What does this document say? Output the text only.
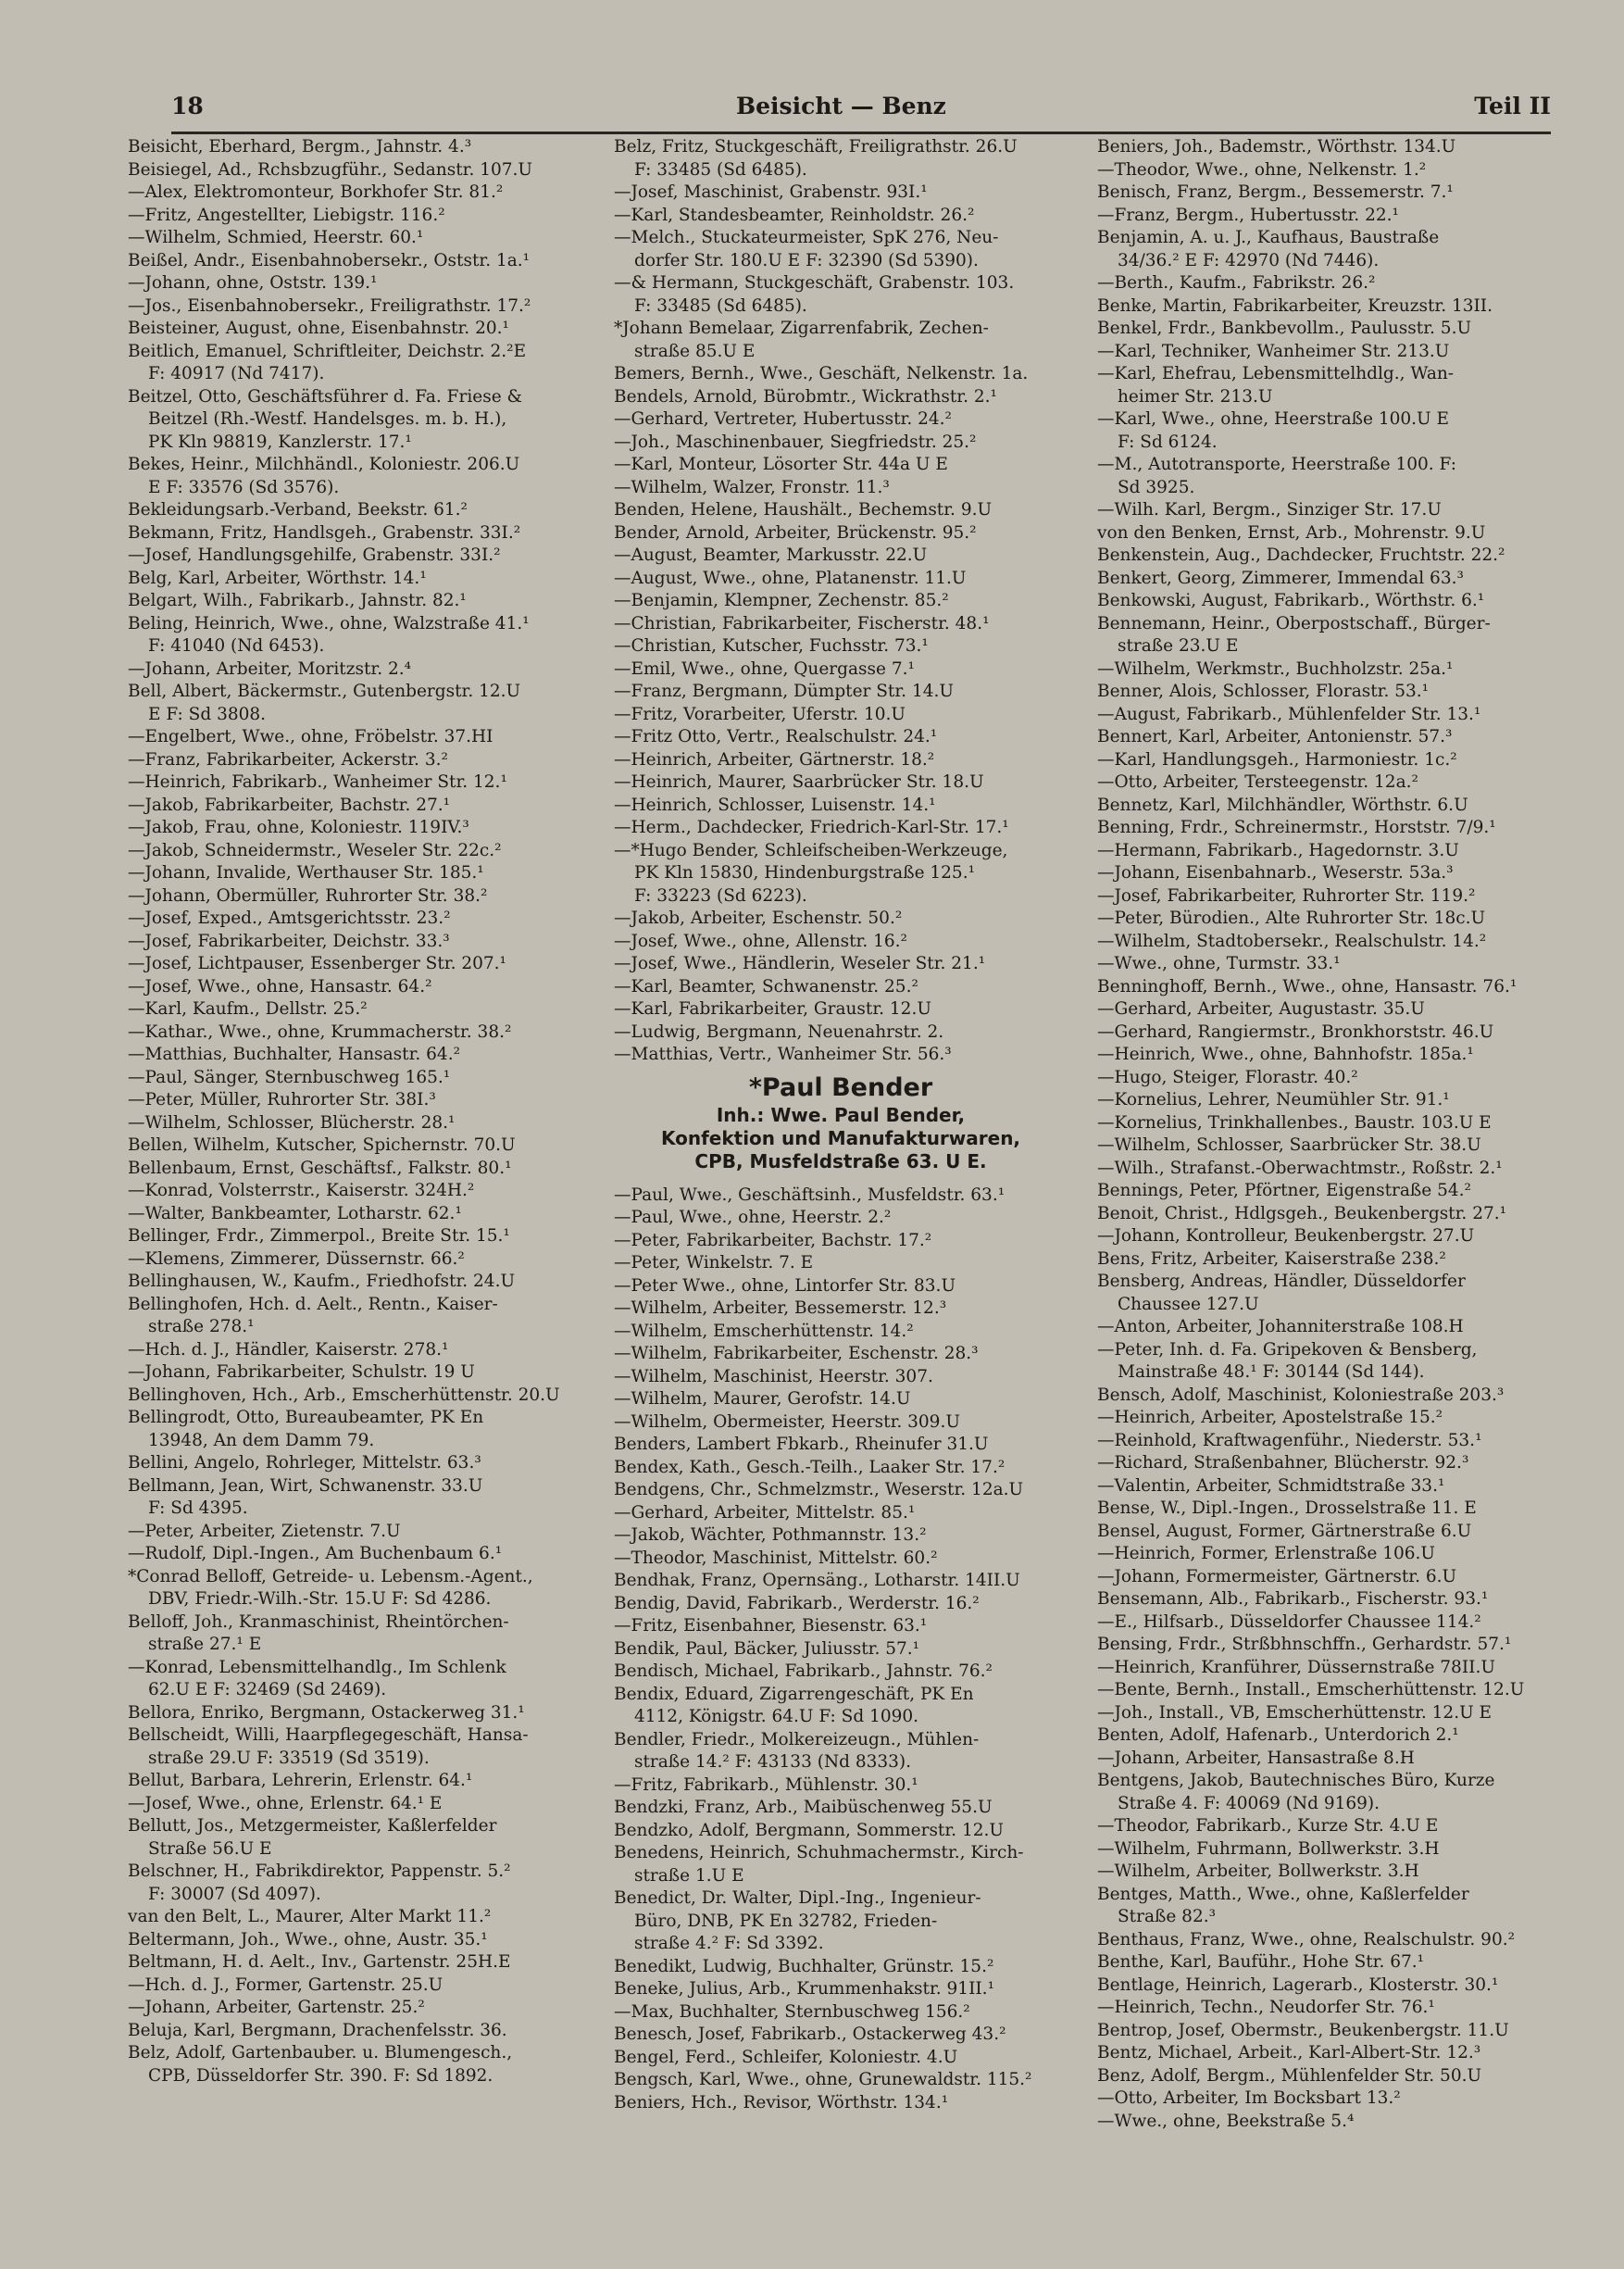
18	Beisicht — Benz	Teil II

Beisicht, Eberhard, Bergm., Jahnstr. 4.³

Beisiegel, Ad., Rchsbzugführ., Sedanstr. 107.U

—Alex, Elektromonteur, Borkhofer Str. 81.²

—Fritz, Angestellter, Liebigstr. 116.²

—Wilhelm, Schmied, Heerstr. 60.¹

Beißel, Andr., Eisenbahnobersekr., Oststr. 1a.¹

—Johann, ohne, Oststr. 139.¹

—Jos., Eisenbahnobersekr., Freiligrathstr. 17.²

Beisteiner, August, ohne, Eisenbahnstr. 20.¹

Beitlich, Emanuel, Schriftleiter, Deichstr. 2.²E

F: 40917 (Nd 7417).

Beitzel, Otto, Geschäftsführer d. Fa. Friese &

Beitzel (Rh.-Westf. Handelsges. m. b. H.),

PK Kln 98819, Kanzlerstr. 17.¹

Bekes, Heinr., Milchhändl., Koloniestr. 206.U

E F: 33576 (Sd 3576).

Bekleidungsarb.-Verband, Beekstr. 61.²

Bekmann, Fritz, Handlsgeh., Grabenstr. 33I.²

—Josef, Handlungsgehilfe, Grabenstr. 33I.²

Belg, Karl, Arbeiter, Wörthstr. 14.¹

Belgart, Wilh., Fabrikarb., Jahnstr. 82.¹

Beling, Heinrich, Wwe., ohne, Walzstraße 41.¹

F: 41040 (Nd 6453).

—Johann, Arbeiter, Moritzstr. 2.⁴

Bell, Albert, Bäckermstr., Gutenbergstr. 12.U

E F: Sd 3808.

—Engelbert, Wwe., ohne, Fröbelstr. 37.HI

—Franz, Fabrikarbeiter, Ackerstr. 3.²

—Heinrich, Fabrikarb., Wanheimer Str. 12.¹

—Jakob, Fabrikarbeiter, Bachstr. 27.¹

—Jakob, Frau, ohne, Koloniestr. 119IV.³

—Jakob, Schneidermstr., Weseler Str. 22c.²

—Johann, Invalide, Werthauser Str. 185.¹

—Johann, Obermüller, Ruhrorter Str. 38.²

—Josef, Exped., Amtsgerichtsstr. 23.²

—Josef, Fabrikarbeiter, Deichstr. 33.³

—Josef, Lichtpauser, Essenberger Str. 207.¹

—Josef, Wwe., ohne, Hansastr. 64.²

—Karl, Kaufm., Dellstr. 25.²

—Kathar., Wwe., ohne, Krummacherstr. 38.²

—Matthias, Buchhalter, Hansastr. 64.²

—Paul, Sänger, Sternbuschweg 165.¹

—Peter, Müller, Ruhrorter Str. 38I.³

—Wilhelm, Schlosser, Blücherstr. 28.¹

Bellen, Wilhelm, Kutscher, Spichernstr. 70.U

Bellenbaum, Ernst, Geschäftsf., Falkstr. 80.¹

—Konrad, Volsterrstr., Kaiserstr. 324H.²

—Walter, Bankbeamter, Lotharstr. 62.¹

Bellinger, Frdr., Zimmerpol., Breite Str. 15.¹

—Klemens, Zimmerer, Düssernstr. 66.²

Bellinghausen, W., Kaufm., Friedhofstr. 24.U

Bellinghofen, Hch. d. Aelt., Rentn., Kaiser-

straße 278.¹

—Hch. d. J., Händler, Kaiserstr. 278.¹

—Johann, Fabrikarbeiter, Schulstr. 19 U

Bellinghoven, Hch., Arb., Emscherhüttenstr. 20.U

Bellingrodt, Otto, Bureaubeamter, PK En

13948, An dem Damm 79.

Bellini, Angelo, Rohrleger, Mittelstr. 63.³

Bellmann, Jean, Wirt, Schwanenstr. 33.U

F: Sd 4395.

—Peter, Arbeiter, Zietenstr. 7.U

—Rudolf, Dipl.-Ingen., Am Buchenbaum 6.¹

*Conrad Belloff, Getreide- u. Lebensm.-Agent.,

DBV, Friedr.-Wilh.-Str. 15.U F: Sd 4286.

Belloff, Joh., Kranmaschinist, Rheintörchen-

straße 27.¹ E

—Konrad, Lebensmittelhandlg., Im Schlenk

62.U E F: 32469 (Sd 2469).

Bellora, Enriko, Bergmann, Ostackerweg 31.¹

Bellscheidt, Willi, Haarpflegegeschäft, Hansa-

straße 29.U F: 33519 (Sd 3519).

Bellut, Barbara, Lehrerin, Erlenstr. 64.¹

—Josef, Wwe., ohne, Erlenstr. 64.¹ E

Bellutt, Jos., Metzgermeister, Kaßlerfelder

Straße 56.U E

Belschner, H., Fabrikdirektor, Pappenstr. 5.²

F: 30007 (Sd 4097).

van den Belt, L., Maurer, Alter Markt 11.²

Beltermann, Joh., Wwe., ohne, Austr. 35.¹

Beltmann, H. d. Aelt., Inv., Gartenstr. 25H.E

—Hch. d. J., Former, Gartenstr. 25.U

—Johann, Arbeiter, Gartenstr. 25.²

Beluja, Karl, Bergmann, Drachenfelsstr. 36.

Belz, Adolf, Gartenbauber. u. Blumengesch.,

CPB, Düsseldorfer Str. 390. F: Sd 1892.

Belz, Fritz, Stuckgeschäft, Freiligrathstr. 26.U

F: 33485 (Sd 6485).

—Josef, Maschinist, Grabenstr. 93I.¹

—Karl, Standesbeamter, Reinholdstr. 26.²

—Melch., Stuckateurmeister, SpK 276, Neu-

dorfer Str. 180.U E F: 32390 (Sd 5390).

—& Hermann, Stuckgeschäft, Grabenstr. 103.

F: 33485 (Sd 6485).

*Johann Bemelaar, Zigarrenfabrik, Zechen-

straße 85.U E

Bemers, Bernh., Wwe., Geschäft, Nelkenstr. 1a.

Bendels, Arnold, Bürobmtr., Wickrathstr. 2.¹

—Gerhard, Vertreter, Hubertusstr. 24.²

—Joh., Maschinenbauer, Siegfriedstr. 25.²

—Karl, Monteur, Lösorter Str. 44a U E

—Wilhelm, Walzer, Fronstr. 11.³

Benden, Helene, Haushält., Bechemstr. 9.U

Bender, Arnold, Arbeiter, Brückenstr. 95.²

—August, Beamter, Markusstr. 22.U

—August, Wwe., ohne, Platanenstr. 11.U

—Benjamin, Klempner, Zechenstr. 85.²

—Christian, Fabrikarbeiter, Fischerstr. 48.¹

—Christian, Kutscher, Fuchsstr. 73.¹

—Emil, Wwe., ohne, Quergasse 7.¹

—Franz, Bergmann, Dümpter Str. 14.U

—Fritz, Vorarbeiter, Uferstr. 10.U

—Fritz Otto, Vertr., Realschulstr. 24.¹

—Heinrich, Arbeiter, Gärtnerstr. 18.²

—Heinrich, Maurer, Saarbrücker Str. 18.U

—Heinrich, Schlosser, Luisenstr. 14.¹

—Herm., Dachdecker, Friedrich-Karl-Str. 17.¹

—*Hugo Bender, Schleifscheiben-Werkzeuge,

PK Kln 15830, Hindenburgstraße 125.¹

F: 33223 (Sd 6223).

—Jakob, Arbeiter, Eschenstr. 50.²

—Josef, Wwe., ohne, Allenstr. 16.²

—Josef, Wwe., Händlerin, Weseler Str. 21.¹

—Karl, Beamter, Schwanenstr. 25.²

—Karl, Fabrikarbeiter, Graustr. 12.U

—Ludwig, Bergmann, Neuenahrstr. 2.

—Matthias, Vertr., Wanheimer Str. 56.³

*Paul Bender
Inh.: Wwe. Paul Bender,
Konfektion und Manufakturwaren,
CPB, Musfeldstraße 63. U E.

—Paul, Wwe., Geschäftsinh., Musfeldstr. 63.¹

—Paul, Wwe., ohne, Heerstr. 2.²

—Peter, Fabrikarbeiter, Bachstr. 17.²

—Peter, Winkelstr. 7. E

—Peter Wwe., ohne, Lintorfer Str. 83.U

—Wilhelm, Arbeiter, Bessemerstr. 12.³

—Wilhelm, Emscherhüttenstr. 14.²

—Wilhelm, Fabrikarbeiter, Eschenstr. 28.³

—Wilhelm, Maschinist, Heerstr. 307.

—Wilhelm, Maurer, Gerofstr. 14.U

—Wilhelm, Obermeister, Heerstr. 309.U

Benders, Lambert Fbkarb., Rheinufer 31.U

Bendex, Kath., Gesch.-Teilh., Laaker Str. 17.²

Bendgens, Chr., Schmelzmstr., Weserstr. 12a.U

—Gerhard, Arbeiter, Mittelstr. 85.¹

—Jakob, Wächter, Pothmannstr. 13.²

—Theodor, Maschinist, Mittelstr. 60.²

Bendhak, Franz, Opernsäng., Lotharstr. 14II.U

Bendig, David, Fabrikarb., Werderstr. 16.²

—Fritz, Eisenbahner, Biesenstr. 63.¹

Bendik, Paul, Bäcker, Juliusstr. 57.¹

Bendisch, Michael, Fabrikarb., Jahnstr. 76.²

Bendix, Eduard, Zigarrengeschäft, PK En

4112, Königstr. 64.U F: Sd 1090.

Bendler, Friedr., Molkereizeugn., Mühlen-

straße 14.² F: 43133 (Nd 8333).

—Fritz, Fabrikarb., Mühlenstr. 30.¹

Bendzki, Franz, Arb., Maibüschenweg 55.U

Bendzko, Adolf, Bergmann, Sommerstr. 12.U

Benedens, Heinrich, Schuhmachermstr., Kirch-

straße 1.U E

Benedict, Dr. Walter, Dipl.-Ing., Ingenieur-

Büro, DNB, PK En 32782, Frieden-

straße 4.² F: Sd 3392.

Benedikt, Ludwig, Buchhalter, Grünstr. 15.²

Beneke, Julius, Arb., Krummenhakstr. 91II.¹

—Max, Buchhalter, Sternbuschweg 156.²

Benesch, Josef, Fabrikarb., Ostackerweg 43.²

Bengel, Ferd., Schleifer, Koloniestr. 4.U

Bengsch, Karl, Wwe., ohne, Grunewaldstr. 115.²

Beniers, Hch., Revisor, Wörthstr. 134.¹

Beniers, Joh., Bademstr., Wörthstr. 134.U

—Theodor, Wwe., ohne, Nelkenstr. 1.²

Benisch, Franz, Bergm., Bessemerstr. 7.¹

—Franz, Bergm., Hubertusstr. 22.¹

Benjamin, A. u. J., Kaufhaus, Baustraße

34/36.² E F: 42970 (Nd 7446).

—Berth., Kaufm., Fabrikstr. 26.²

Benke, Martin, Fabrikarbeiter, Kreuzstr. 13II.

Benkel, Frdr., Bankbevollm., Paulusstr. 5.U

—Karl, Techniker, Wanheimer Str. 213.U

—Karl, Ehefrau, Lebensmittelhdlg., Wan-

heimer Str. 213.U

—Karl, Wwe., ohne, Heerstraße 100.U E

F: Sd 6124.

—M., Autotransporte, Heerstraße 100. F:

Sd 3925.

—Wilh. Karl, Bergm., Sinziger Str. 17.U

von den Benken, Ernst, Arb., Mohrenstr. 9.U

Benkenstein, Aug., Dachdecker, Fruchtstr. 22.²

Benkert, Georg, Zimmerer, Immendal 63.³

Benkowski, August, Fabrikarb., Wörthstr. 6.¹

Bennemann, Heinr., Oberpostschaff., Bürger-

straße 23.U E

—Wilhelm, Werkmstr., Buchholzstr. 25a.¹

Benner, Alois, Schlosser, Florastr. 53.¹

—August, Fabrikarb., Mühlenfelder Str. 13.¹

Bennert, Karl, Arbeiter, Antonienstr. 57.³

—Karl, Handlungsgeh., Harmoniestr. 1c.²

—Otto, Arbeiter, Tersteegenstr. 12a.²

Bennetz, Karl, Milchhändler, Wörthstr. 6.U

Benning, Frdr., Schreinermstr., Horststr. 7/9.¹

—Hermann, Fabrikarb., Hagedornstr. 3.U

—Johann, Eisenbahnarb., Weserstr. 53a.³

—Josef, Fabrikarbeiter, Ruhrorter Str. 119.²

—Peter, Bürodien., Alte Ruhrorter Str. 18c.U

—Wilhelm, Stadtobersekr., Realschulstr. 14.²

—Wwe., ohne, Turmstr. 33.¹

Benninghoff, Bernh., Wwe., ohne, Hansastr. 76.¹

—Gerhard, Arbeiter, Augustastr. 35.U

—Gerhard, Rangiermstr., Bronkhorststr. 46.U

—Heinrich, Wwe., ohne, Bahnhofstr. 185a.¹

—Hugo, Steiger, Florastr. 40.²

—Kornelius, Lehrer, Neumühler Str. 91.¹

—Kornelius, Trinkhallenbes., Baustr. 103.U E

—Wilhelm, Schlosser, Saarbrücker Str. 38.U

—Wilh., Strafanst.-Oberwachtmstr., Roßstr. 2.¹

Bennings, Peter, Pförtner, Eigenstraße 54.²

Benoit, Christ., Hdlgsgeh., Beukenbergstr. 27.¹

—Johann, Kontrolleur, Beukenbergstr. 27.U

Bens, Fritz, Arbeiter, Kaiserstraße 238.²

Bensberg, Andreas, Händler, Düsseldorfer

Chaussee 127.U

—Anton, Arbeiter, Johanniterstraße 108.H

—Peter, Inh. d. Fa. Gripekoven & Bensberg,

Mainstraße 48.¹ F: 30144 (Sd 144).

Bensch, Adolf, Maschinist, Koloniestraße 203.³

—Heinrich, Arbeiter, Apostelstraße 15.²

—Reinhold, Kraftwagenführ., Niederstr. 53.¹

—Richard, Straßenbahner, Blücherstr. 92.³

—Valentin, Arbeiter, Schmidtstraße 33.¹

Bense, W., Dipl.-Ingen., Drosselstraße 11. E

Bensel, August, Former, Gärtnerstraße 6.U

—Heinrich, Former, Erlenstraße 106.U

—Johann, Formermeister, Gärtnerstr. 6.U

Bensemann, Alb., Fabrikarb., Fischerstr. 93.¹

—E., Hilfsarb., Düsseldorfer Chaussee 114.²

Bensing, Frdr., Strßbhnschffn., Gerhardstr. 57.¹

—Heinrich, Kranführer, Düssernstraße 78II.U

—Bente, Bernh., Install., Emscherhüttenstr. 12.U

—Joh., Install., VB, Emscherhüttenstr. 12.U E

Benten, Adolf, Hafenarb., Unterdorich 2.¹

—Johann, Arbeiter, Hansastraße 8.H

Bentgens, Jakob, Bautechnisches Büro, Kurze

Straße 4. F: 40069 (Nd 9169).

—Theodor, Fabrikarb., Kurze Str. 4.U E

—Wilhelm, Fuhrmann, Bollwerkstr. 3.H

—Wilhelm, Arbeiter, Bollwerkstr. 3.H

Bentges, Matth., Wwe., ohne, Kaßlerfelder

Straße 82.³

Benthaus, Franz, Wwe., ohne, Realschulstr. 90.²

Benthe, Karl, Bauführ., Hohe Str. 67.¹

Bentlage, Heinrich, Lagerarb., Klosterstr. 30.¹

—Heinrich, Techn., Neudorfer Str. 76.¹

Bentrop, Josef, Obermstr., Beukenbergstr. 11.U

Bentz, Michael, Arbeit., Karl-Albert-Str. 12.³

Benz, Adolf, Bergm., Mühlenfelder Str. 50.U

—Otto, Arbeiter, Im Bocksbart 13.²

—Wwe., ohne, Beekstraße 5.⁴
